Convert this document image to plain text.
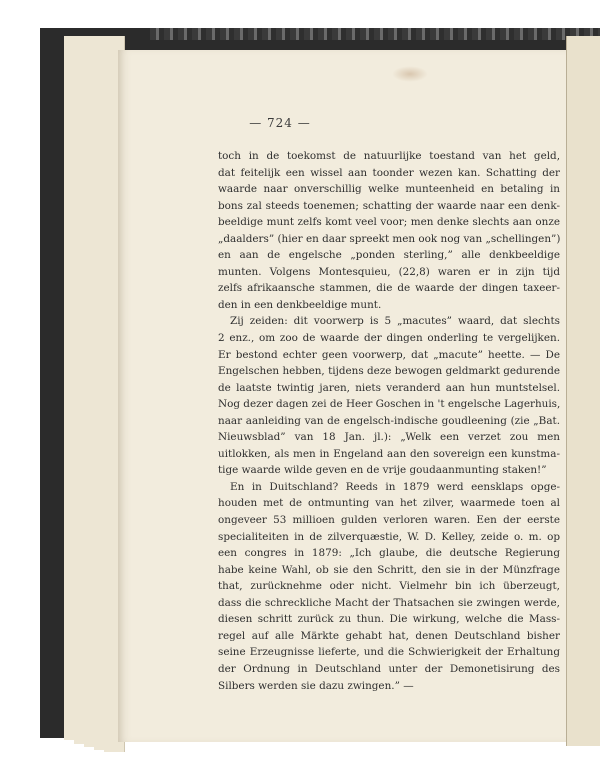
— 724 —
toch in de toekomst de natuurlijke toestand van het geld,
dat feitelijk een wissel aan toonder wezen kan. Schatting der
waarde naar onverschillig welke munteenheid en betaling in
bons zal steeds toenemen; schatting der waarde naar een denk-
beeldige munt zelfs komt veel voor; men denke slechts aan onze
„daalders” (hier en daar spreekt men ook nog van „schellingen”)
en aan de engelsche „ponden sterling,” alle denkbeeldige
munten. Volgens Montesquieu, (22,8) waren er in zijn tijd
zelfs afrikaansche stammen, die de waarde der dingen taxeer-
den in een denkbeeldige munt.
Zij zeiden: dit voorwerp is 5 „macutes” waard, dat slechts
2 enz., om zoo de waarde der dingen onderling te vergelijken.
Er bestond echter geen voorwerp, dat „macute” heette. — De
Engelschen hebben, tijdens deze bewogen geldmarkt gedurende
de laatste twintig jaren, niets veranderd aan hun muntstelsel.
Nog dezer dagen zei de Heer Goschen in 't engelsche Lagerhuis,
naar aanleiding van de engelsch-indische goudleening (zie „Bat.
Nieuwsblad” van 18 Jan. jl.): „Welk een verzet zou men
uitlokken, als men in Engeland aan den sovereign een kunstma-
tige waarde wilde geven en de vrije goudaanmunting staken!”
En in Duitschland? Reeds in 1879 werd eensklaps opge-
houden met de ontmunting van het zilver, waarmede toen al
ongeveer 53 millioen gulden verloren waren. Een der eerste
specialiteiten in de zilverquæstie, W. D. Kelley, zeide o. m. op
een congres in 1879: „Ich glaube, die deutsche Regierung
habe keine Wahl, ob sie den Schritt, den sie in der Münzfrage
that, zurücknehme oder nicht. Vielmehr bin ich überzeugt,
dass die schreckliche Macht der Thatsachen sie zwingen werde,
diesen schritt zurück zu thun. Die wirkung, welche die Mass-
regel auf alle Märkte gehabt hat, denen Deutschland bisher
seine Erzeugnisse lieferte, und die Schwierigkeit der Erhaltung
der Ordnung in Deutschland unter der Demonetisirung des
Silbers werden sie dazu zwingen.” —
